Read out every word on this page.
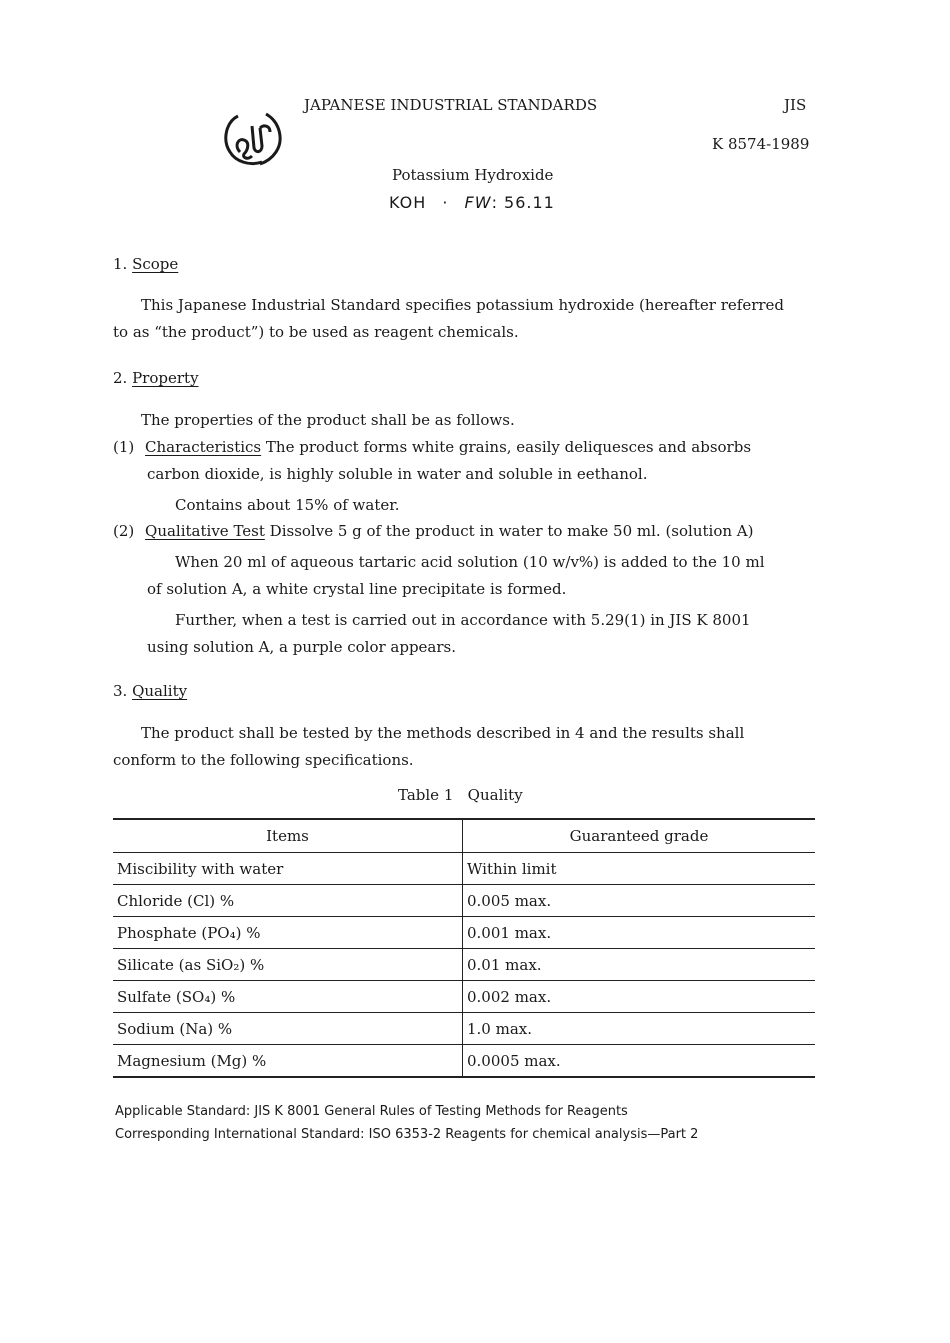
JAPANESE INDUSTRIAL STANDARDS	JIS
K 8574-1989
Potassium Hydroxide
KOH · FW: 56.11
1. Scope
This Japanese Industrial Standard specifies potassium hydroxide (hereafter referred
to as “the product”) to be used as reagent chemicals.
2. Property
The properties of the product shall be as follows.
(1) Characteristics The product forms white grains, easily deliquesces and absorbs
carbon dioxide, is highly soluble in water and soluble in eethanol.
Contains about 15% of water.
(2) Qualitative Test Dissolve 5 g of the product in water to make 50 ml. (solution A)
When 20 ml of aqueous tartaric acid solution (10 w/v%) is added to the 10 ml
of solution A, a white crystal line precipitate is formed.
Further, when a test is carried out in accordance with 5.29(1) in JIS K 8001
using solution A, a purple color appears.
3. Quality
The product shall be tested by the methods described in 4 and the results shall
conform to the following specifications.
Table 1   Quality
Items	Guaranteed grade
Miscibility with water	Within limit
Chloride (Cl) %	0.005 max.
Phosphate (PO₄) %	0.001 max.
Silicate (as SiO₂) %	0.01 max.
Sulfate (SO₄) %	0.002 max.
Sodium (Na) %	1.0 max.
Magnesium (Mg) %	0.0005 max.
Applicable Standard: JIS K 8001 General Rules of Testing Methods for Reagents
Corresponding International Standard: ISO 6353-2 Reagents for chemical analysis—Part 2
